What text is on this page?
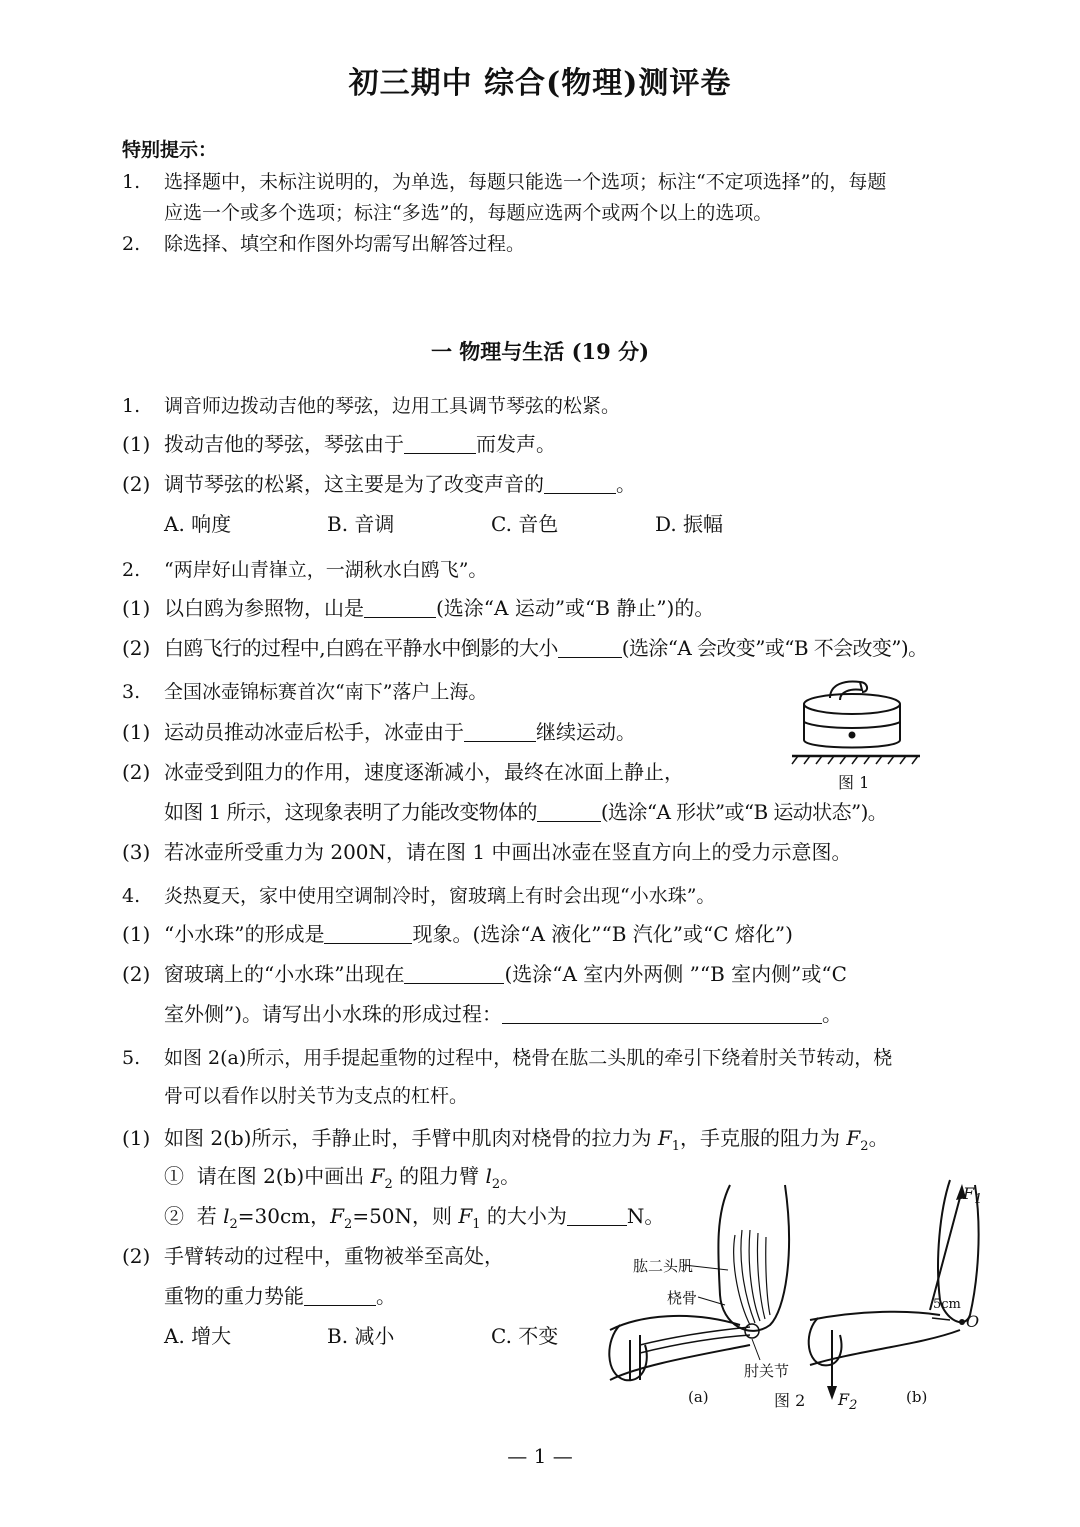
初三期中 综合(物理)测评卷
特别提示：
1. 选择题中，未标注说明的，为单选，每题只能选一个选项；标注“不定项选择”的，每题
应选一个或多个选项；标注“多选”的，每题应选两个或两个以上的选项。
2. 除选择、填空和作图外均需写出解答过程。
一 物理与生活 (19 分)
1. 调音师边拨动吉他的琴弦，边用工具调节琴弦的松紧。
(1) 拨动吉他的琴弦，琴弦由于	而发声。
(2) 调节琴弦的松紧，这主要是为了改变声音的	。
A. 响度	B. 音调	C. 音色	D. 振幅
2. “两岸好山青嵂立，一湖秋水白鸥飞”。
(1) 以白鸥为参照物，山是	(选涂“A 运动”或“B 静止”)的。
(2) 白鸥飞行的过程中,白鸥在平静水中倒影的大小	(选涂“A 会改变”或“B 不会改变”)。
3. 全国冰壶锦标赛首次“南下”落户上海。
(1) 运动员推动冰壶后松手，冰壶由于	继续运动。
(2) 冰壶受到阻力的作用，速度逐渐减小，最终在冰面上静止，
如图 1 所示，这现象表明了力能改变物体的	(选涂“A 形状”或“B 运动状态”)。
(3) 若冰壶所受重力为 200N，请在图 1 中画出冰壶在竖直方向上的受力示意图。
图 1
4. 炎热夏天，家中使用空调制冷时，窗玻璃上有时会出现“小水珠”。
(1) “小水珠”的形成是	现象。(选涂“A 液化”“B 汽化”或“C 熔化”)
(2) 窗玻璃上的“小水珠”出现在	(选涂“A 室内外两侧 ”“B 室内侧”或“C
室外侧”)。请写出小水珠的形成过程：	。
5. 如图 2(a)所示，用手提起重物的过程中，桡骨在肱二头肌的牵引下绕着肘关节转动，桡
骨可以看作以肘关节为支点的杠杆。
(1) 如图 2(b)所示，手静止时，手臂中肌肉对桡骨的拉力为 $F_1$，手克服的阻力为 $F_2$。
① 请在图 2(b)中画出 $F_2$ 的阻力臂 $l_2$。
② 若 $l_2=30cm$，$F_2=50N$，则 $F_1$ 的大小为	N。
(2) 手臂转动的过程中，重物被举至高处，
重物的重力势能	。
A. 增大	B. 减小	C. 不变
肱二头肌
桡骨
肘关节
(a)	图 2	(b)
$F_1$
$F_2$
5cm
O
— 1 —
